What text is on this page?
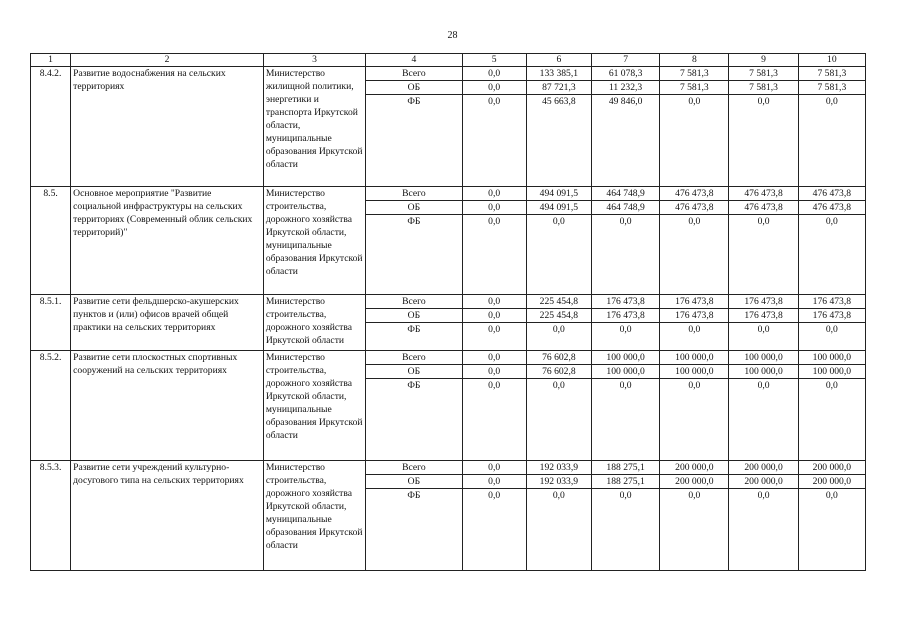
28
1	2	3	4	5	6	7	8	9	10
8.4.2.	Развитие водоснабжения на сельских территориях	Министерство жилищной политики, энергетики и транспорта Иркутской области, муниципальные образования Иркутской области	Всего	0,0	133 385,1	61 078,3	7 581,3	7 581,3	7 581,3
			ОБ	0,0	87 721,3	11 232,3	7 581,3	7 581,3	7 581,3
			ФБ	0,0	45 663,8	49 846,0	0,0	0,0	0,0
8.5.	Основное мероприятие "Развитие социальной инфраструктуры на сельских территориях (Современный облик сельских территорий)"	Министерство строительства, дорожного хозяйства Иркутской области, муниципальные образования Иркутской области	Всего	0,0	494 091,5	464 748,9	476 473,8	476 473,8	476 473,8
			ОБ	0,0	494 091,5	464 748,9	476 473,8	476 473,8	476 473,8
			ФБ	0,0	0,0	0,0	0,0	0,0	0,0
8.5.1.	Развитие сети фельдшерско-акушерских пунктов и (или) офисов врачей общей практики на сельских территориях	Министерство строительства, дорожного хозяйства Иркутской области	Всего	0,0	225 454,8	176 473,8	176 473,8	176 473,8	176 473,8
			ОБ	0,0	225 454,8	176 473,8	176 473,8	176 473,8	176 473,8
			ФБ	0,0	0,0	0,0	0,0	0,0	0,0
8.5.2.	Развитие сети плоскостных спортивных сооружений на сельских территориях	Министерство строительства, дорожного хозяйства Иркутской области, муниципальные образования Иркутской области	Всего	0,0	76 602,8	100 000,0	100 000,0	100 000,0	100 000,0
			ОБ	0,0	76 602,8	100 000,0	100 000,0	100 000,0	100 000,0
			ФБ	0,0	0,0	0,0	0,0	0,0	0,0
8.5.3.	Развитие сети учреждений культурно-досугового типа на сельских территориях	Министерство строительства, дорожного хозяйства Иркутской области, муниципальные образования Иркутской области	Всего	0,0	192 033,9	188 275,1	200 000,0	200 000,0	200 000,0
			ОБ	0,0	192 033,9	188 275,1	200 000,0	200 000,0	200 000,0
			ФБ	0,0	0,0	0,0	0,0	0,0	0,0
